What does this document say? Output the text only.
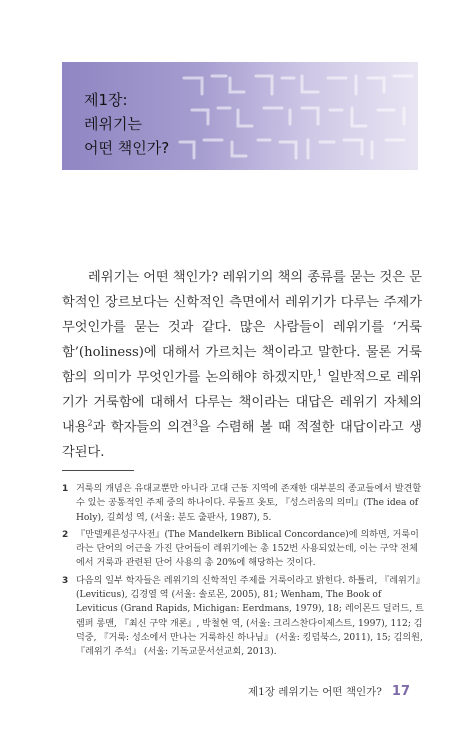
제1장:
레위기는
어떤 책인가?

레위기는 어떤 책인가? 레위기의 책의 종류를 묻는 것은 문학적인 장르보다는 신학적인 측면에서 레위기가 다루는 주제가 무엇인가를 묻는 것과 같다. 많은 사람들이 레위기를 ‘거룩함’(holiness)에 대해서 가르치는 책이라고 말한다. 물론 거룩함의 의미가 무엇인가를 논의해야 하겠지만,$^1$ 일반적으로 레위기가 거룩함에 대해서 다루는 책이라는 대답은 레위기 자체의 내용$^2$과 학자들의 의견$^3$을 수렴해 볼 때 적절한 대답이라고 생각된다.

1 거룩의 개념은 유대교뿐만 아니라 고대 근동 지역에 존재한 대부분의 종교들에서 발견할 수 있는 공통적인 주제 중의 하나이다. 루돌프 옷토, 『성스러움의 의미』(The idea of Holy), 길희성 역, (서울: 분도 출판사, 1987), 5.
2 『만델케른성구사전』(The Mandelkern Biblical Concordance)에 의하면, 거룩이라는 단어의 어근을 가진 단어들이 레위기에는 총 152번 사용되었는데, 이는 구약 전체에서 거룩과 관련된 단어 사용의 총 20%에 해당하는 것이다.
3 다음의 일부 학자들은 레위기의 신학적인 주제를 거룩이라고 밝힌다. 하틀리, 『레위기』(Leviticus), 김경열 역 (서울: 솔로몬, 2005), 81; Wenham, The Book of Leviticus (Grand Rapids, Michigan: Eerdmans, 1979), 18; 레이몬드 딜러드, 트렘퍼 롱맨, 『최신 구약 개론』, 박철현 역, (서울: 크리스찬다이제스트, 1997), 112; 김덕중, 『거룩: 성소에서 만나는 거룩하신 하나님』 (서울: 킹덤북스, 2011), 15; 김의원, 『레위기 주석』 (서울: 기독교문서선교회, 2013).
제1장 레위기는 어떤 책인가? 17
